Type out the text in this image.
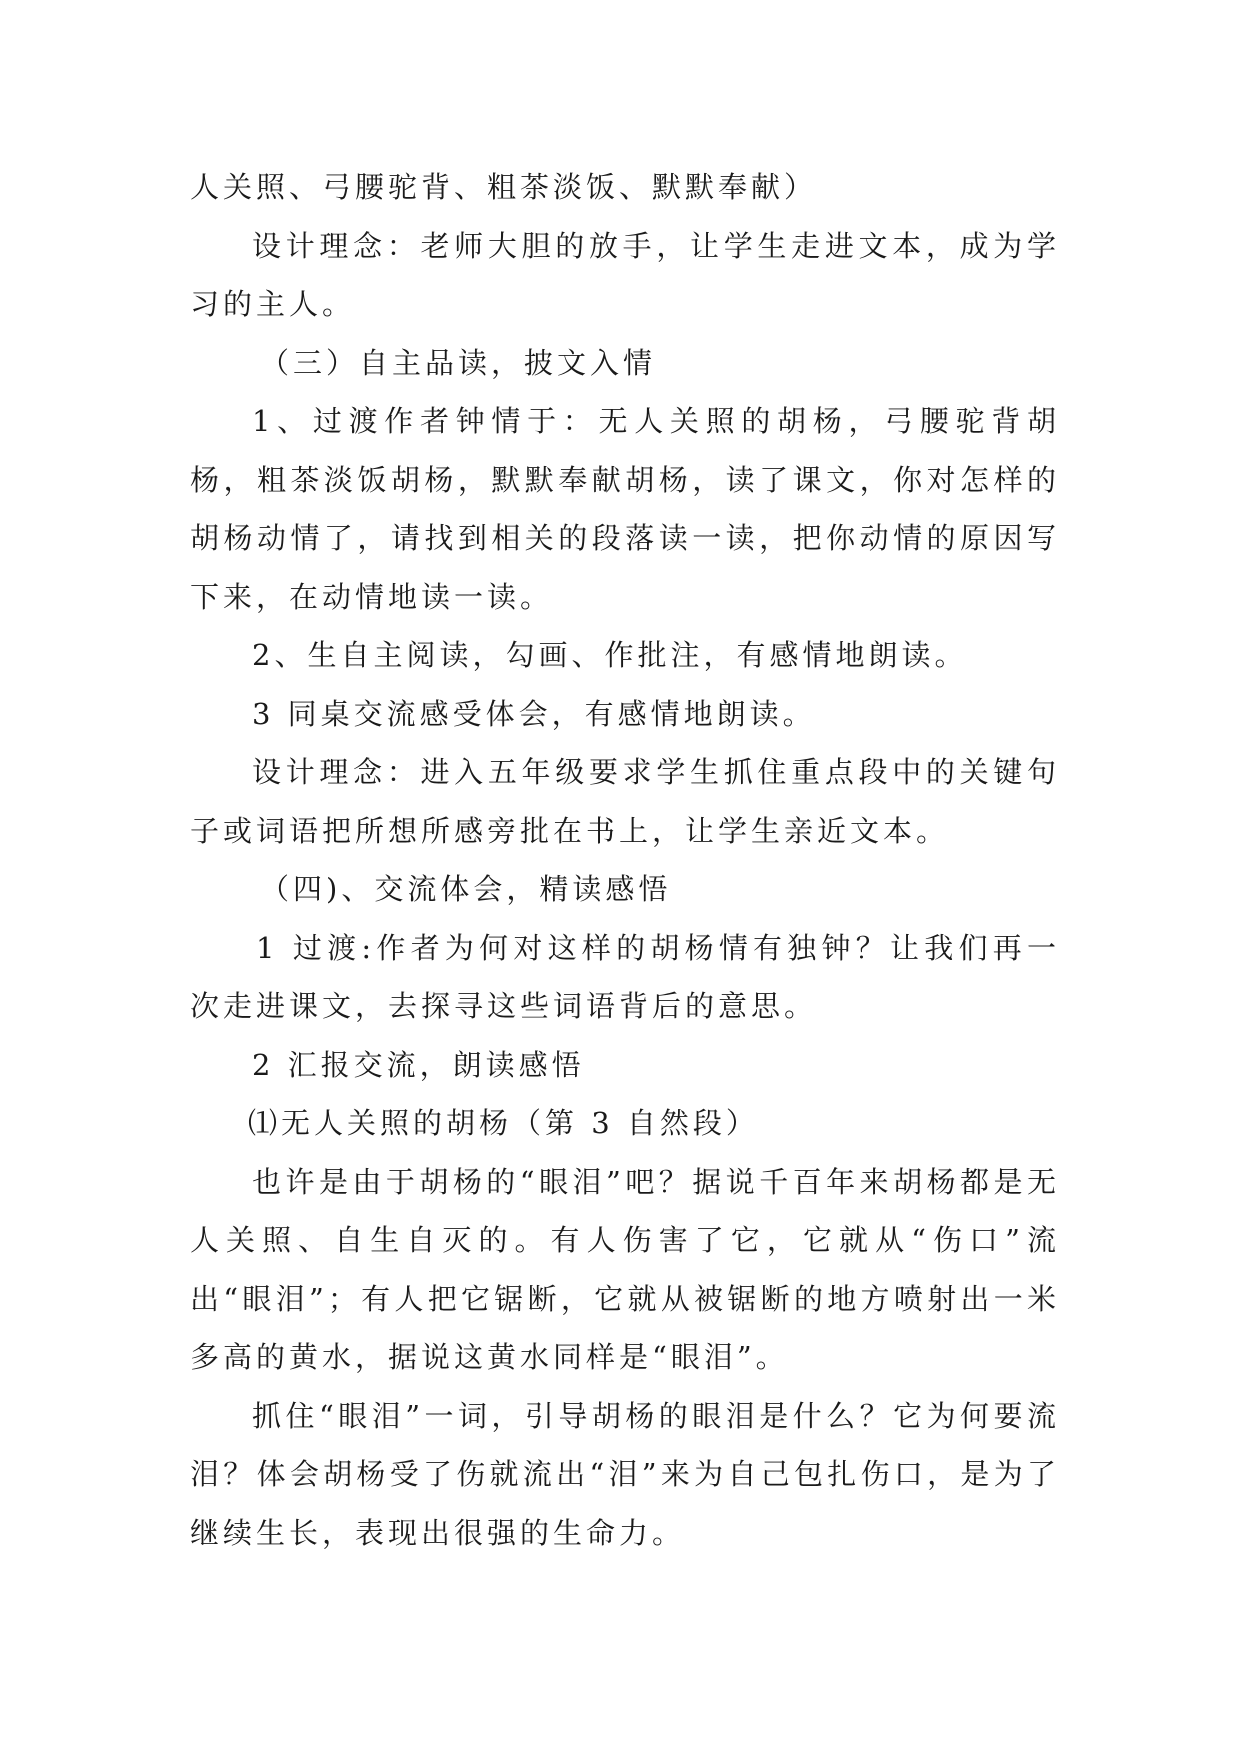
人关照、弓腰驼背、粗茶淡饭、默默奉献）

设计理念：老师大胆的放手，让学生走进文本，成为学习的主人。

（三）自主品读，披文入情

1、过渡作者钟情于：无人关照的胡杨，弓腰驼背胡杨，粗茶淡饭胡杨，默默奉献胡杨，读了课文，你对怎样的胡杨动情了，请找到相关的段落读一读，把你动情的原因写下来，在动情地读一读。

2、生自主阅读，勾画、作批注，有感情地朗读。

3 同桌交流感受体会，有感情地朗读。

设计理念：进入五年级要求学生抓住重点段中的关键句子或词语把所想所感旁批在书上，让学生亲近文本。

（四)、交流体会，精读感悟

1 过渡:作者为何对这样的胡杨情有独钟？让我们再一次走进课文，去探寻这些词语背后的意思。

2 汇报交流，朗读感悟

⑴无人关照的胡杨（第 3 自然段）

也许是由于胡杨的“眼泪”吧？据说千百年来胡杨都是无人关照、自生自灭的。有人伤害了它，它就从“伤口”流出“眼泪”；有人把它锯断，它就从被锯断的地方喷射出一米多高的黄水，据说这黄水同样是“眼泪”。

抓住“眼泪”一词，引导胡杨的眼泪是什么？它为何要流泪？体会胡杨受了伤就流出“泪”来为自己包扎伤口，是为了继续生长，表现出很强的生命力。
